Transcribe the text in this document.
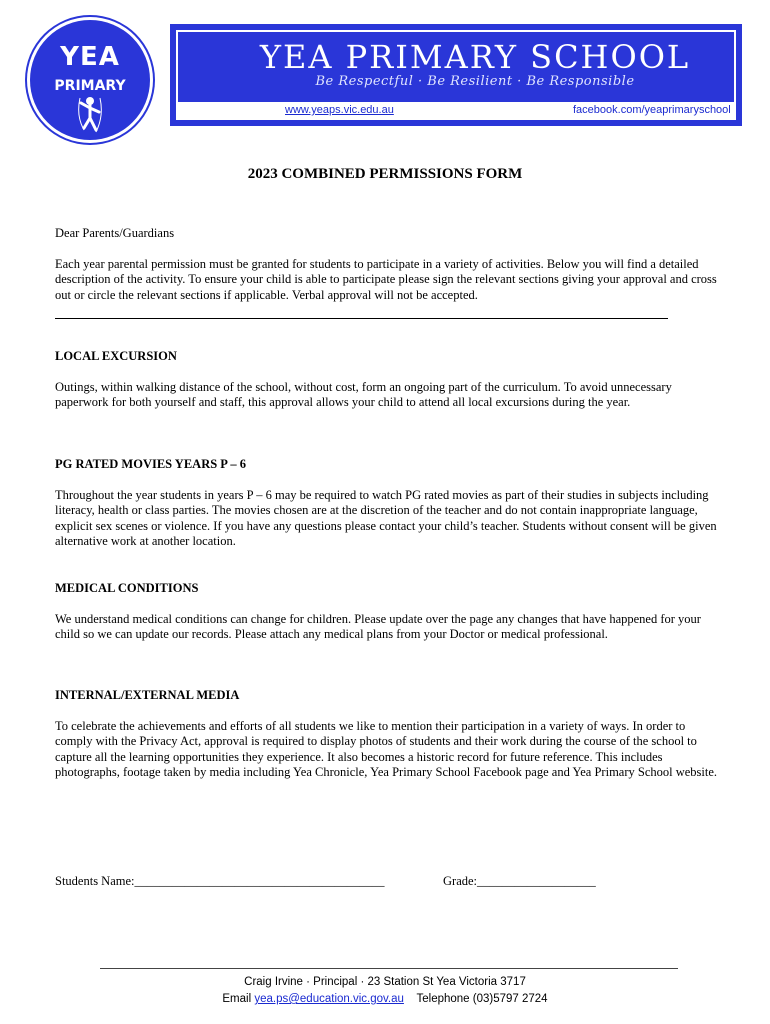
YEA PRIMARY SCHOOL
Be Respectful · Be Resilient · Be Responsible
www.yeaps.vic.edu.au	facebook.com/yeaprimaryschool
YEA
PRIMARY
2023 COMBINED PERMISSIONS FORM
Dear Parents/Guardians
Each year parental permission must be granted for students to participate in a variety of activities. Below you will find a detailed description of the activity. To ensure your child is able to participate please sign the relevant sections giving your approval and cross out or circle the relevant sections if applicable. Verbal approval will not be accepted.
LOCAL EXCURSION
Outings, within walking distance of the school, without cost, form an ongoing part of the curriculum. To avoid unnecessary paperwork for both yourself and staff, this approval allows your child to attend all local excursions during the year.
PG RATED MOVIES YEARS P – 6
Throughout the year students in years P – 6 may be required to watch PG rated movies as part of their studies in subjects including literacy, health or class parties. The movies chosen are at the discretion of the teacher and do not contain inappropriate language, explicit sex scenes or violence. If you have any questions please contact your child’s teacher. Students without consent will be given alternative work at another location.
MEDICAL CONDITIONS
We understand medical conditions can change for children. Please update over the page any changes that have happened for your child so we can update our records. Please attach any medical plans from your Doctor or medical professional.
INTERNAL/EXTERNAL MEDIA
To celebrate the achievements and efforts of all students we like to mention their participation in a variety of ways. In order to comply with the Privacy Act, approval is required to display photos of students and their work during the course of the school to capture all the learning opportunities they experience. It also becomes a historic record for future reference. This includes photographs, footage taken by media including Yea Chronicle, Yea Primary School Facebook page and Yea Primary School website.
Students Name:________________________________________	Grade:___________________
Craig Irvine · Principal · 23 Station St Yea Victoria 3717
Email yea.ps@education.vic.gov.au Telephone (03)5797 2724
